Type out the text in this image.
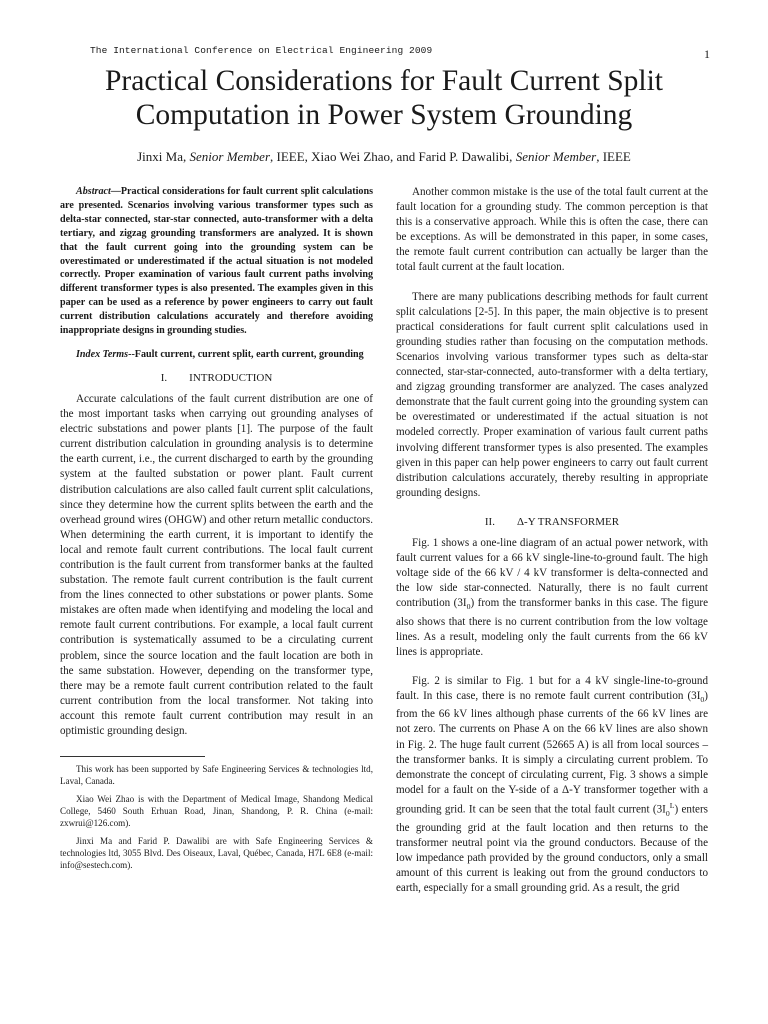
The International Conference on Electrical Engineering 2009	1
Practical Considerations for Fault Current Split
Computation in Power System Grounding
Jinxi Ma, Senior Member, IEEE, Xiao Wei Zhao, and Farid P. Dawalibi, Senior Member, IEEE

Abstract—Practical considerations for fault current split calculations are presented. Scenarios involving various transformer types such as delta-star connected, star-star connected, auto-transformer with a delta tertiary, and zigzag grounding transformers are analyzed. It is shown that the fault current going into the grounding system can be overestimated or underestimated if the actual situation is not modeled correctly. Proper examination of various fault current paths involving different transformer types is also presented. The examples given in this paper can be used as a reference by power engineers to carry out fault current distribution calculations accurately and therefore avoiding inappropriate designs in grounding studies.

Index Terms--Fault current, current split, earth current, grounding

I. INTRODUCTION

Accurate calculations of the fault current distribution are one of the most important tasks when carrying out grounding analyses of electric substations and power plants [1]. The purpose of the fault current distribution calculation in grounding analysis is to determine the earth current, i.e., the current discharged to earth by the grounding system at the faulted substation or power plant. Fault current distribution calculations are also called fault current split calculations, since they determine how the current splits between the earth and the overhead ground wires (OHGW) and other return metallic conductors. When determining the earth current, it is important to identify the local and remote fault current contributions. The local fault current contribution is the fault current from transformer banks at the faulted substation. The remote fault current contribution is the fault current from the lines connected to other substations or power plants. Some mistakes are often made when identifying and modeling the local and remote fault current contributions. For example, a local fault current contribution is systematically assumed to be a circulating current problem, since the source location and the fault location are both in the same substation. However, depending on the transformer type, there may be a remote fault current contribution related to the fault current contribution from the local transformer. Not taking into account this remote fault current contribution may result in an optimistic grounding design.

This work has been supported by Safe Engineering Services & technologies ltd, Laval, Canada.

Xiao Wei Zhao is with the Department of Medical Image, Shandong Medical College, 5460 South Erhuan Road, Jinan, Shandong, P. R. China (e-mail: zxwrui@126.com).

Jinxi Ma and Farid P. Dawalibi are with Safe Engineering Services & technologies ltd, 3055 Blvd. Des Oiseaux, Laval, Québec, Canada, H7L 6E8 (e-mail: info@sestech.com).

Another common mistake is the use of the total fault current at the fault location for a grounding study. The common perception is that this is a conservative approach. While this is often the case, there can be exceptions. As will be demonstrated in this paper, in some cases, the remote fault current contribution can actually be larger than the total fault current at the fault location.

There are many publications describing methods for fault current split calculations [2-5]. In this paper, the main objective is to present practical considerations for fault current split calculations used in grounding studies rather than focusing on the computation methods. Scenarios involving various transformer types such as delta-star connected, star-star-connected, auto-transformer with a delta tertiary, and zigzag grounding transformer are analyzed. The cases analyzed demonstrate that the fault current going into the grounding system can be overestimated or underestimated if the actual situation is not modeled correctly. Proper examination of various fault current paths involving different transformer types is also presented. The examples given in this paper can help power engineers to carry out fault current distribution calculations accurately, thereby resulting in appropriate grounding designs.

II. Δ-Y TRANSFORMER

Fig. 1 shows a one-line diagram of an actual power network, with fault current values for a 66 kV single-line-to-ground fault. The high voltage side of the 66 kV / 4 kV transformer is delta-connected and the low side star-connected. Naturally, there is no fault current contribution $(3I_0)$ from the transformer banks in this case. The figure also shows that there is no current contribution from the low voltage lines. As a result, modeling only the fault currents from the 66 kV lines is appropriate.

Fig. 2 is similar to Fig. 1 but for a 4 kV single-line-to-ground fault. In this case, there is no remote fault current contribution $(3I_0)$ from the 66 kV lines although phase currents of the 66 kV lines are not zero. The currents on Phase A on the 66 kV lines are also shown in Fig. 2. The huge fault current (52665 A) is all from local sources – the transformer banks. It is simply a circulating current problem. To demonstrate the concept of circulating current, Fig. 3 shows a simple model for a fault on the Y-side of a Δ-Y transformer together with a grounding grid. It can be seen that the total fault current $(3I_0^L)$ enters the grounding grid at the fault location and then returns to the transformer neutral point via the ground conductors. Because of the low impedance path provided by the ground conductors, only a small amount of this current is leaking out from the ground conductors to earth, especially for a small grounding grid. As a result, the grid
